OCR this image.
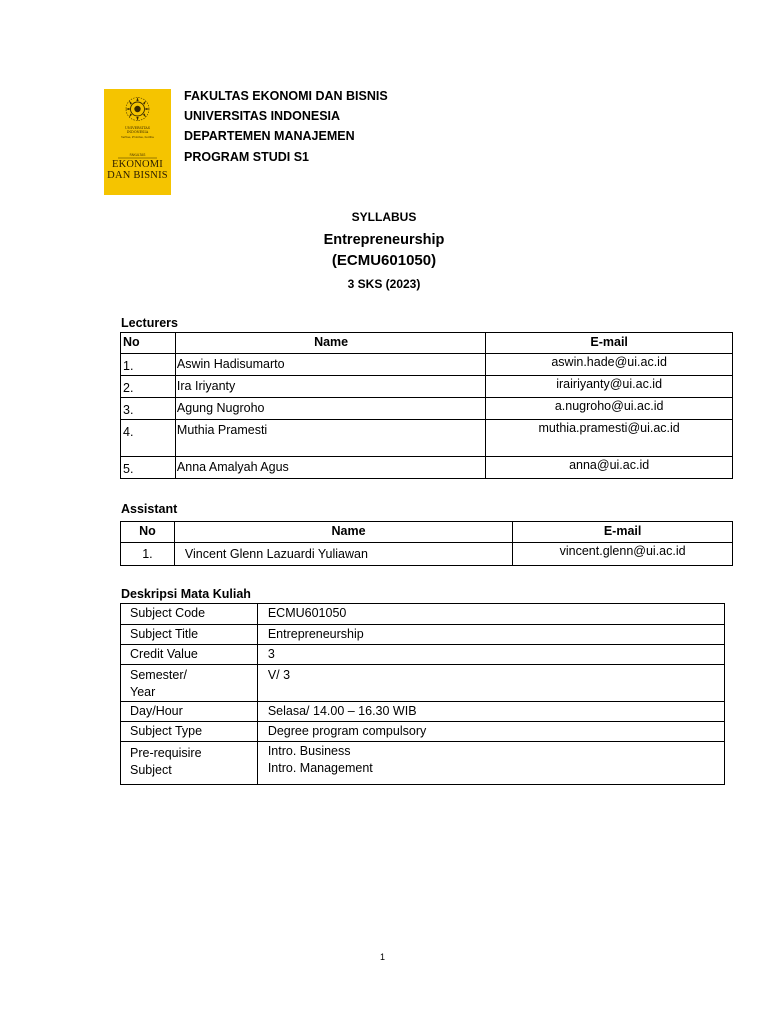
UNIVERSITAS
INDONESIA
Veritas, Probitas, Iustitia
FAKULTAS
EKONOMI
DAN BISNIS
FAKULTAS EKONOMI DAN BISNIS
UNIVERSITAS INDONESIA
DEPARTEMEN MANAJEMEN
PROGRAM STUDI S1
SYLLABUS
Entrepreneurship
(ECMU601050)
3 SKS (2023)
Lecturers
No	Name	E-mail
1.	Aswin Hadisumarto	aswin.hade@ui.ac.id
2.	Ira Iriyanty	irairiyanty@ui.ac.id
3.	Agung Nugroho	a.nugroho@ui.ac.id
4.	Muthia Pramesti	muthia.pramesti@ui.ac.id
5.	Anna Amalyah Agus	anna@ui.ac.id
Assistant
No	Name	E-mail
1.	Vincent Glenn Lazuardi Yuliawan	vincent.glenn@ui.ac.id
Deskripsi Mata Kuliah
Subject Code	ECMU601050
Subject Title	Entrepreneurship
Credit Value	3

Semester/
Year	V/ 3
Day/Hour	Selasa/ 14.00 – 16.30 WIB
Subject Type	Degree program compulsory

Pre-requisire
Subject	Intro. Business
Intro. Management
1
